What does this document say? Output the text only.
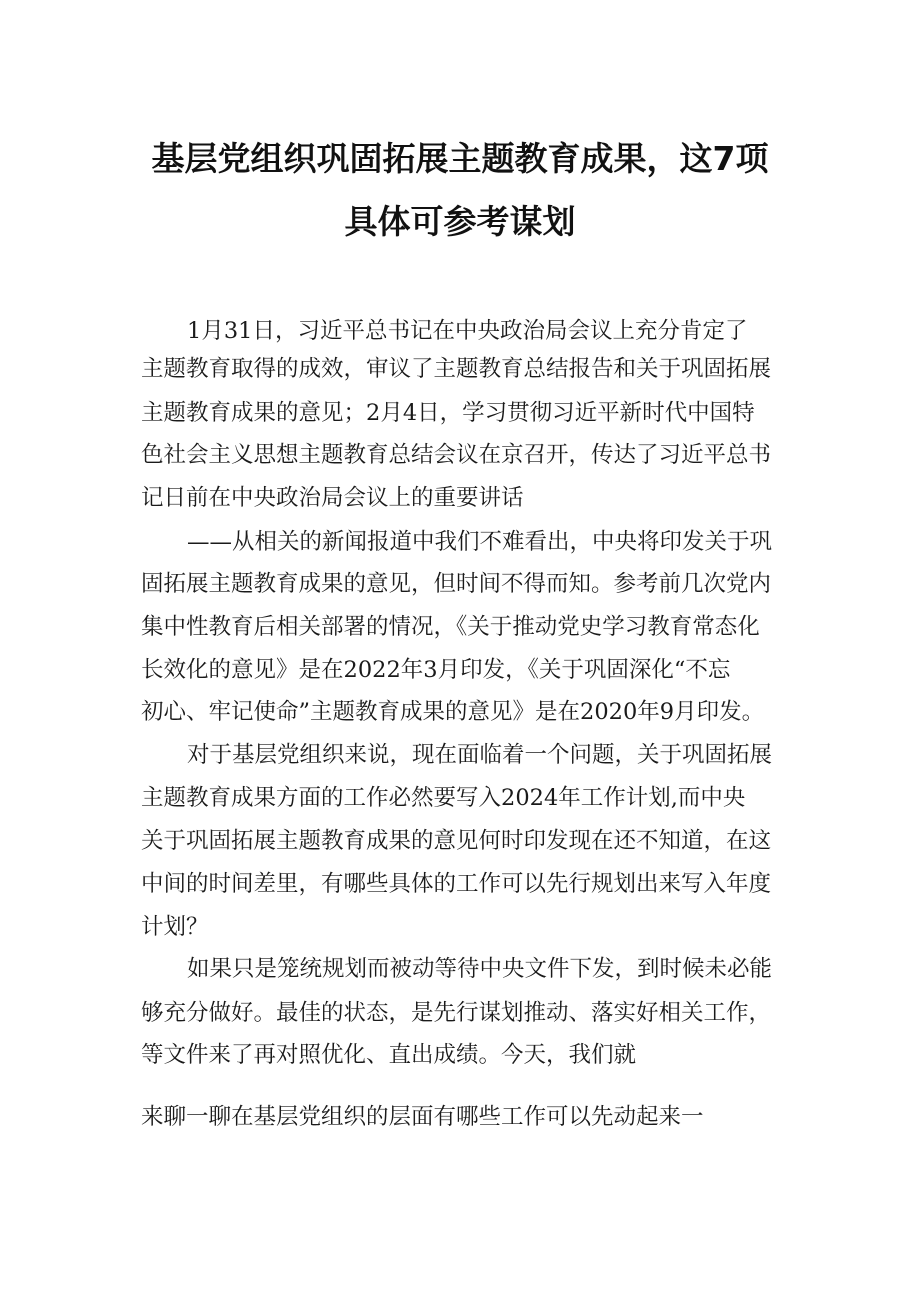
基层党组织巩固拓展主题教育成果，这7项
具体可参考谋划
1月31日，习近平总书记在中央政治局会议上充分肯定了
主题教育取得的成效，审议了主题教育总结报告和关于巩固拓展
主题教育成果的意见；2月4日，学习贯彻习近平新时代中国特
色社会主义思想主题教育总结会议在京召开，传达了习近平总书
记日前在中央政治局会议上的重要讲话
——从相关的新闻报道中我们不难看出，中央将印发关于巩
固拓展主题教育成果的意见，但时间不得而知。参考前几次党内
集中性教育后相关部署的情况，《关于推动党史学习教育常态化
长效化的意见》是在2022年3月印发，《关于巩固深化“不忘
初心、牢记使命”主题教育成果的意见》是在2020年9月印发。
对于基层党组织来说，现在面临着一个问题，关于巩固拓展
主题教育成果方面的工作必然要写入2024年工作计划,而中央
关于巩固拓展主题教育成果的意见何时印发现在还不知道，在这
中间的时间差里，有哪些具体的工作可以先行规划出来写入年度
计划？
如果只是笼统规划而被动等待中央文件下发，到时候未必能
够充分做好。最佳的状态，是先行谋划推动、落实好相关工作，
等文件来了再对照优化、直出成绩。今天，我们就
来聊一聊在基层党组织的层面有哪些工作可以先动起来一
